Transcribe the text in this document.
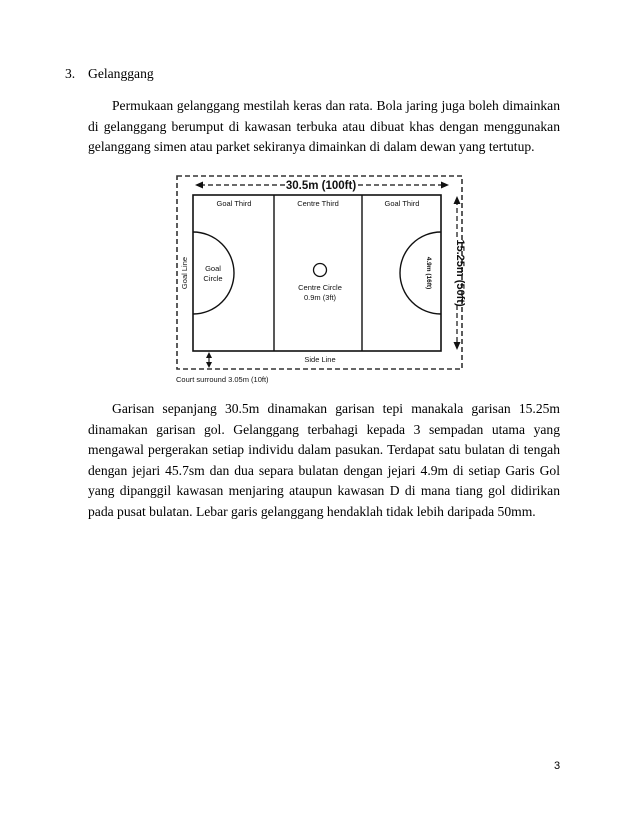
3. Gelanggang

Permukaan gelanggang mestilah keras dan rata. Bola jaring juga boleh dimainkan di gelanggang berumput di kawasan terbuka atau dibuat khas dengan menggunakan gelanggang simen atau parket sekiranya dimainkan di dalam dewan yang tertutup.

30.5m (100ft)
Goal Third	Centre Third	Goal Third
Goal
Circle
Centre Circle
0.9m (3ft)
Side Line
Court surround 3.05m (10ft)
Goal Line	4.9m (16ft) 15.25m (50ft)

Garisan sepanjang 30.5m dinamakan garisan tepi manakala garisan 15.25m dinamakan garisan gol. Gelanggang terbahagi kepada 3 sempadan utama yang mengawal pergerakan setiap individu dalam pasukan. Terdapat satu bulatan di tengah dengan jejari 45.7sm dan dua separa bulatan dengan jejari 4.9m di setiap Garis Gol yang dipanggil kawasan menjaring ataupun kawasan D di mana tiang gol didirikan pada pusat bulatan. Lebar garis gelanggang hendaklah tidak lebih daripada 50mm.

3
